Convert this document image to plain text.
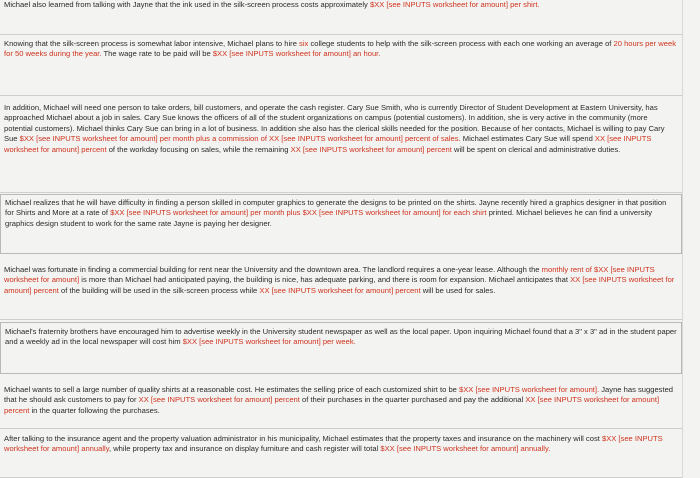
Michael also learned from talking with Jayne that the ink used in the silk-screen process costs approximately $XX [see INPUTS worksheet for amount] per shirt.
Knowing that the silk-screen process is somewhat labor intensive, Michael plans to hire six college students to help with the silk-screen process with each one working an average of 20 hours per week for 50 weeks during the year. The wage rate to be paid will be $XX [see INPUTS worksheet for amount] an hour.
In addition, Michael will need one person to take orders, bill customers, and operate the cash register. Cary Sue Smith, who is currently Director of Student Development at Eastern University, has approached Michael about a job in sales. Cary Sue knows the officers of all of the student organizations on campus (potential customers). In addition, she is very active in the community (more potential customers). Michael thinks Cary Sue can bring in a lot of business. In addition she also has the clerical skills needed for the position. Because of her contacts, Michael is willing to pay Cary Sue $XX [see INPUTS worksheet for amount] per month plus a commission of XX [see INPUTS worksheet for amount] percent of sales. Michael estimates Cary Sue will spend XX [see INPUTS worksheet for amount] percent of the workday focusing on sales, while the remaining XX [see INPUTS worksheet for amount] percent will be spent on clerical and administrative duties.
Michael realizes that he will have difficulty in finding a person skilled in computer graphics to generate the designs to be printed on the shirts. Jayne recently hired a graphics designer in that position for Shirts and More at a rate of $XX [see INPUTS worksheet for amount] per month plus $XX [see INPUTS worksheet for amount] for each shirt printed. Michael believes he can find a university graphics design student to work for the same rate Jayne is paying her designer.
Michael was fortunate in finding a commercial building for rent near the University and the downtown area. The landlord requires a one-year lease. Although the monthly rent of $XX [see INPUTS worksheet for amount] is more than Michael had anticipated paying, the building is nice, has adequate parking, and there is room for expansion. Michael anticipates that XX [see INPUTS worksheet for amount] percent of the building will be used in the silk-screen process while XX [see INPUTS worksheet for amount] percent will be used for sales.
Michael's fraternity brothers have encouraged him to advertise weekly in the University student newspaper as well as the local paper. Upon inquiring Michael found that a 3" x 3" ad in the student paper and a weekly ad in the local newspaper will cost him $XX [see INPUTS worksheet for amount] per week.
Michael wants to sell a large number of quality shirts at a reasonable cost. He estimates the selling price of each customized shirt to be $XX [see INPUTS worksheet for amount]. Jayne has suggested that he should ask customers to pay for XX [see INPUTS worksheet for amount] percent of their purchases in the quarter purchased and pay the additional XX [see INPUTS worksheet for amount] percent in the quarter following the purchases.
After talking to the insurance agent and the property valuation administrator in his municipality, Michael estimates that the property taxes and insurance on the machinery will cost $XX [see INPUTS worksheet for amount] annually, while property tax and insurance on display furniture and cash register will total $XX [see INPUTS worksheet for amount] annually.
